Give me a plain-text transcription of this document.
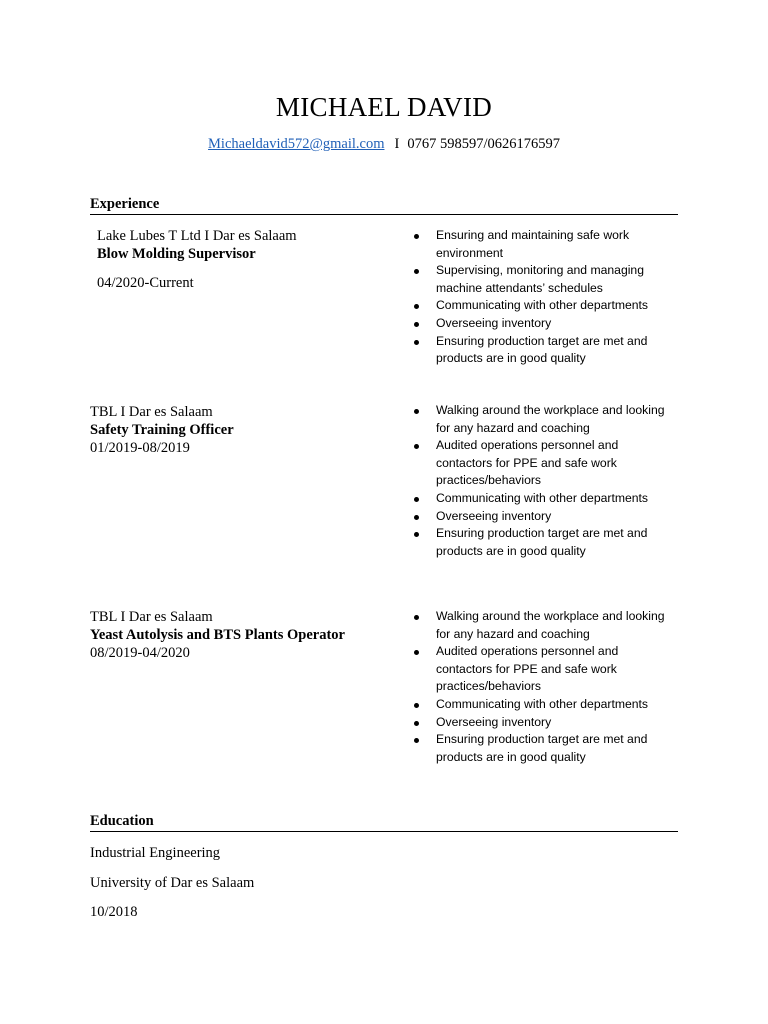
MICHAEL DAVID
Michaeldavid572@gmail.com I 0767 598597/0626176597
Experience
Lake Lubes T Ltd I Dar es Salaam
Blow Molding Supervisor
04/2020-Current
Ensuring and maintaining safe work environment
Supervising, monitoring and managing machine attendants’ schedules
Communicating with other departments
Overseeing inventory
Ensuring production target are met and products are in good quality
TBL I Dar es Salaam
Safety Training Officer
01/2019-08/2019
Walking around the workplace and looking for any hazard and coaching
Audited operations personnel and contactors for PPE and safe work practices/behaviors
Communicating with other departments
Overseeing inventory
Ensuring production target are met and products are in good quality
TBL I Dar es Salaam
Yeast Autolysis and BTS Plants Operator
08/2019-04/2020
Walking around the workplace and looking for any hazard and coaching
Audited operations personnel and contactors for PPE and safe work practices/behaviors
Communicating with other departments
Overseeing inventory
Ensuring production target are met and products are in good quality
Education
Industrial Engineering
University of Dar es Salaam
10/2018
